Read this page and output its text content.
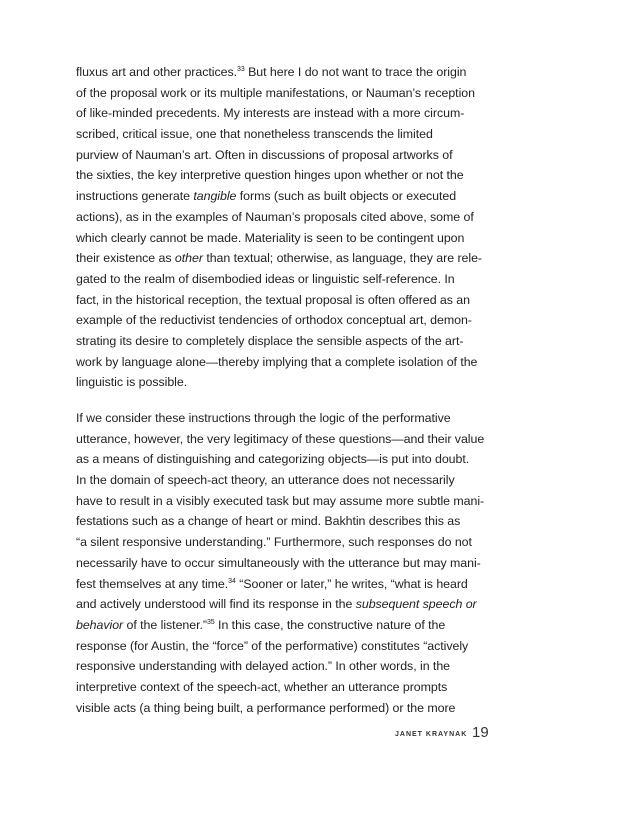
fluxus art and other practices.$^{33}$ But here I do not want to trace the origin

of the proposal work or its multiple manifestations, or Nauman’s reception

of like-minded precedents. My interests are instead with a more circum-

scribed, critical issue, one that nonetheless transcends the limited

purview of Nauman’s art. Often in discussions of proposal artworks of

the sixties, the key interpretive question hinges upon whether or not the

instructions generate tangible forms (such as built objects or executed

actions), as in the examples of Nauman’s proposals cited above, some of

which clearly cannot be made. Materiality is seen to be contingent upon

their existence as other than textual; otherwise, as language, they are rele-

gated to the realm of disembodied ideas or linguistic self-reference. In

fact, in the historical reception, the textual proposal is often offered as an

example of the reductivist tendencies of orthodox conceptual art, demon-

strating its desire to completely displace the sensible aspects of the art-

work by language alone—thereby implying that a complete isolation of the

linguistic is possible.

If we consider these instructions through the logic of the performative

utterance, however, the very legitimacy of these questions—and their value

as a means of distinguishing and categorizing objects—is put into doubt.

In the domain of speech-act theory, an utterance does not necessarily

have to result in a visibly executed task but may assume more subtle mani-

festations such as a change of heart or mind. Bakhtin describes this as

“a silent responsive understanding.” Furthermore, such responses do not

necessarily have to occur simultaneously with the utterance but may mani-

fest themselves at any time.$^{34}$ “Sooner or later,” he writes, “what is heard

and actively understood will find its response in the subsequent speech or

behavior of the listener.”$^{35}$ In this case, the constructive nature of the

response (for Austin, the “force” of the performative) constitutes “actively

responsive understanding with delayed action.” In other words, in the

interpretive context of the speech-act, whether an utterance prompts

visible acts (a thing being built, a performance performed) or the more

JANET KRAYNAK 19
